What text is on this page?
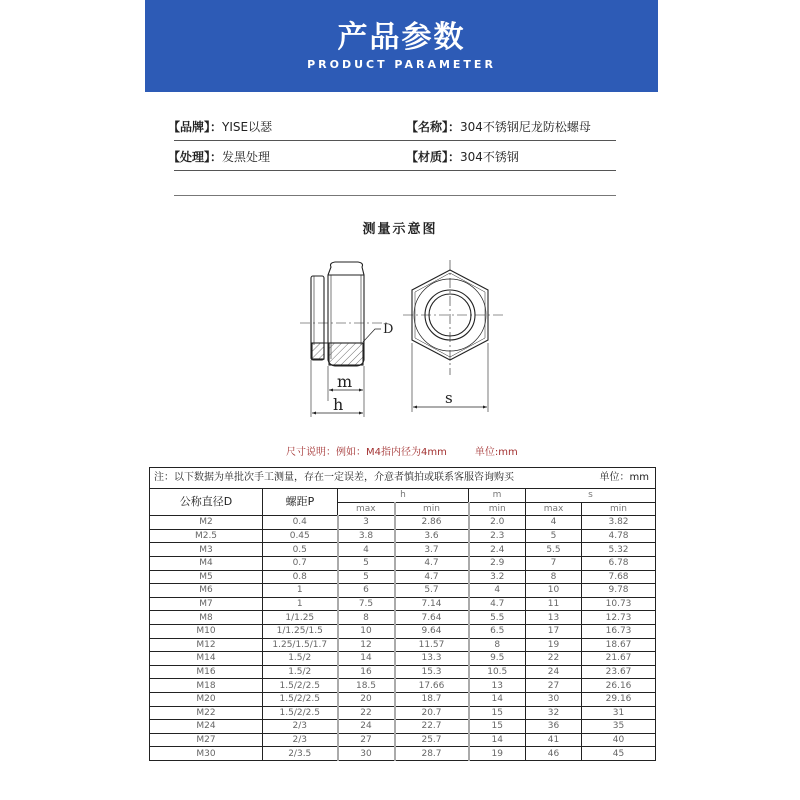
产品参数
PRODUCT PARAMETER
【品牌】：YISE以瑟	【名称】：304不锈钢尼龙防松螺母
【处理】：发黑处理	【材质】：304不锈钢
测量示意图
D
m
h	s
尺寸说明：例如：M4指内径为4mm	单位:mm
注：以下数据为单批次手工测量，存在一定误差，介意者慎拍或联系客服咨询购买 单位：mm						

公称直径D	螺距P	h		m	s	
		max	min	min	max	min
M2	0.4	3	2.86	2.0	4	3.82
M2.5	0.45	3.8	3.6	2.3	5	4.78
M3	0.5	4	3.7	2.4	5.5	5.32
M4	0.7	5	4.7	2.9	7	6.78
M5	0.8	5	4.7	3.2	8	7.68
M6	1	6	5.7	4	10	9.78
M7	1	7.5	7.14	4.7	11	10.73
M8	1/1.25	8	7.64	5.5	13	12.73
M10	1/1.25/1.5	10	9.64	6.5	17	16.73
M12	1.25/1.5/1.7	12	11.57	8	19	18.67
M14	1.5/2	14	13.3	9.5	22	21.67
M16	1.5/2	16	15.3	10.5	24	23.67
M18	1.5/2/2.5	18.5	17.66	13	27	26.16
M20	1.5/2/2.5	20	18.7	14	30	29.16
M22	1.5/2/2.5	22	20.7	15	32	31
M24	2/3	24	22.7	15	36	35
M27	2/3	27	25.7	14	41	40
M30	2/3.5	30	28.7	19	46	45
